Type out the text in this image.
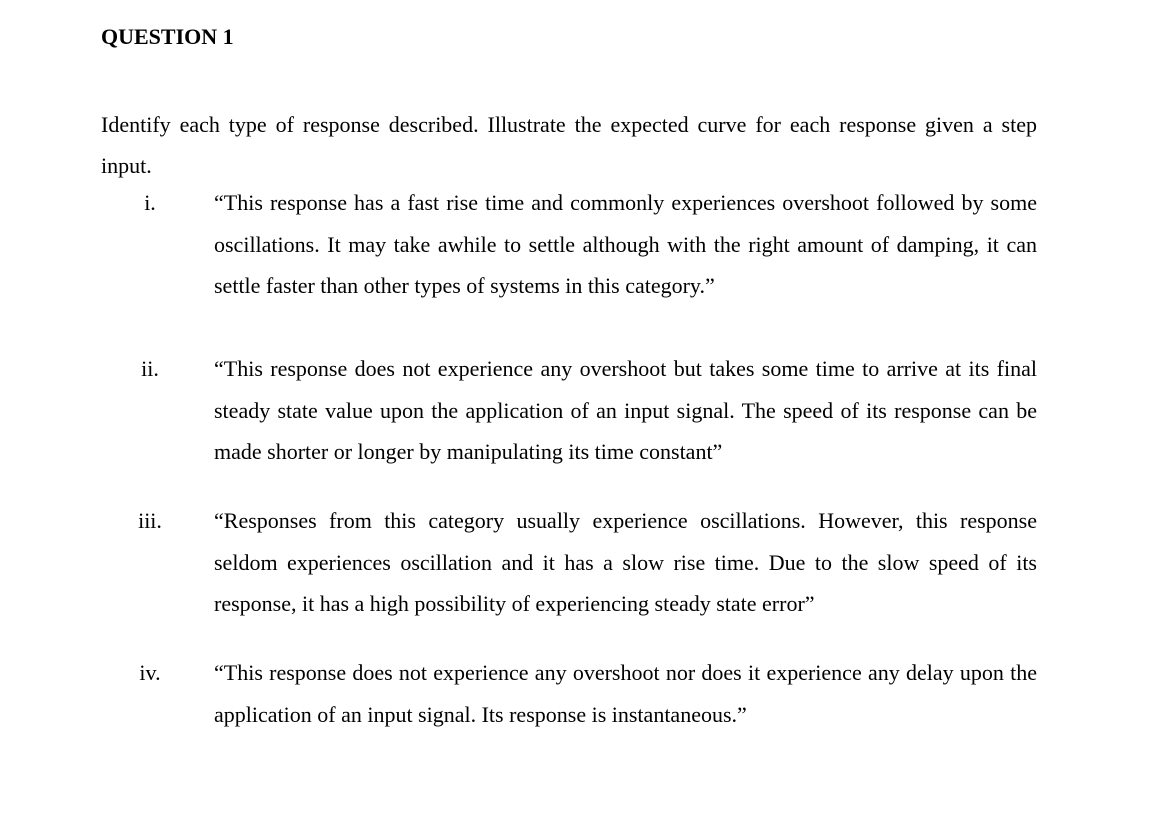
QUESTION 1
Identify each type of response described. Illustrate the expected curve for each response given a step input.
i.	“This response has a fast rise time and commonly experiences overshoot followed by some oscillations. It may take awhile to settle although with the right amount of damping, it can settle faster than other types of systems in this category.”

ii.	“This response does not experience any overshoot but takes some time to arrive at its final steady state value upon the application of an input signal. The speed of its response can be made shorter or longer by manipulating its time constant”

iii.	“Responses from this category usually experience oscillations. However, this response seldom experiences oscillation and it has a slow rise time. Due to the slow speed of its response, it has a high possibility of experiencing steady state error”

iv.	“This response does not experience any overshoot nor does it experience any delay upon the application of an input signal. Its response is instantaneous.”
